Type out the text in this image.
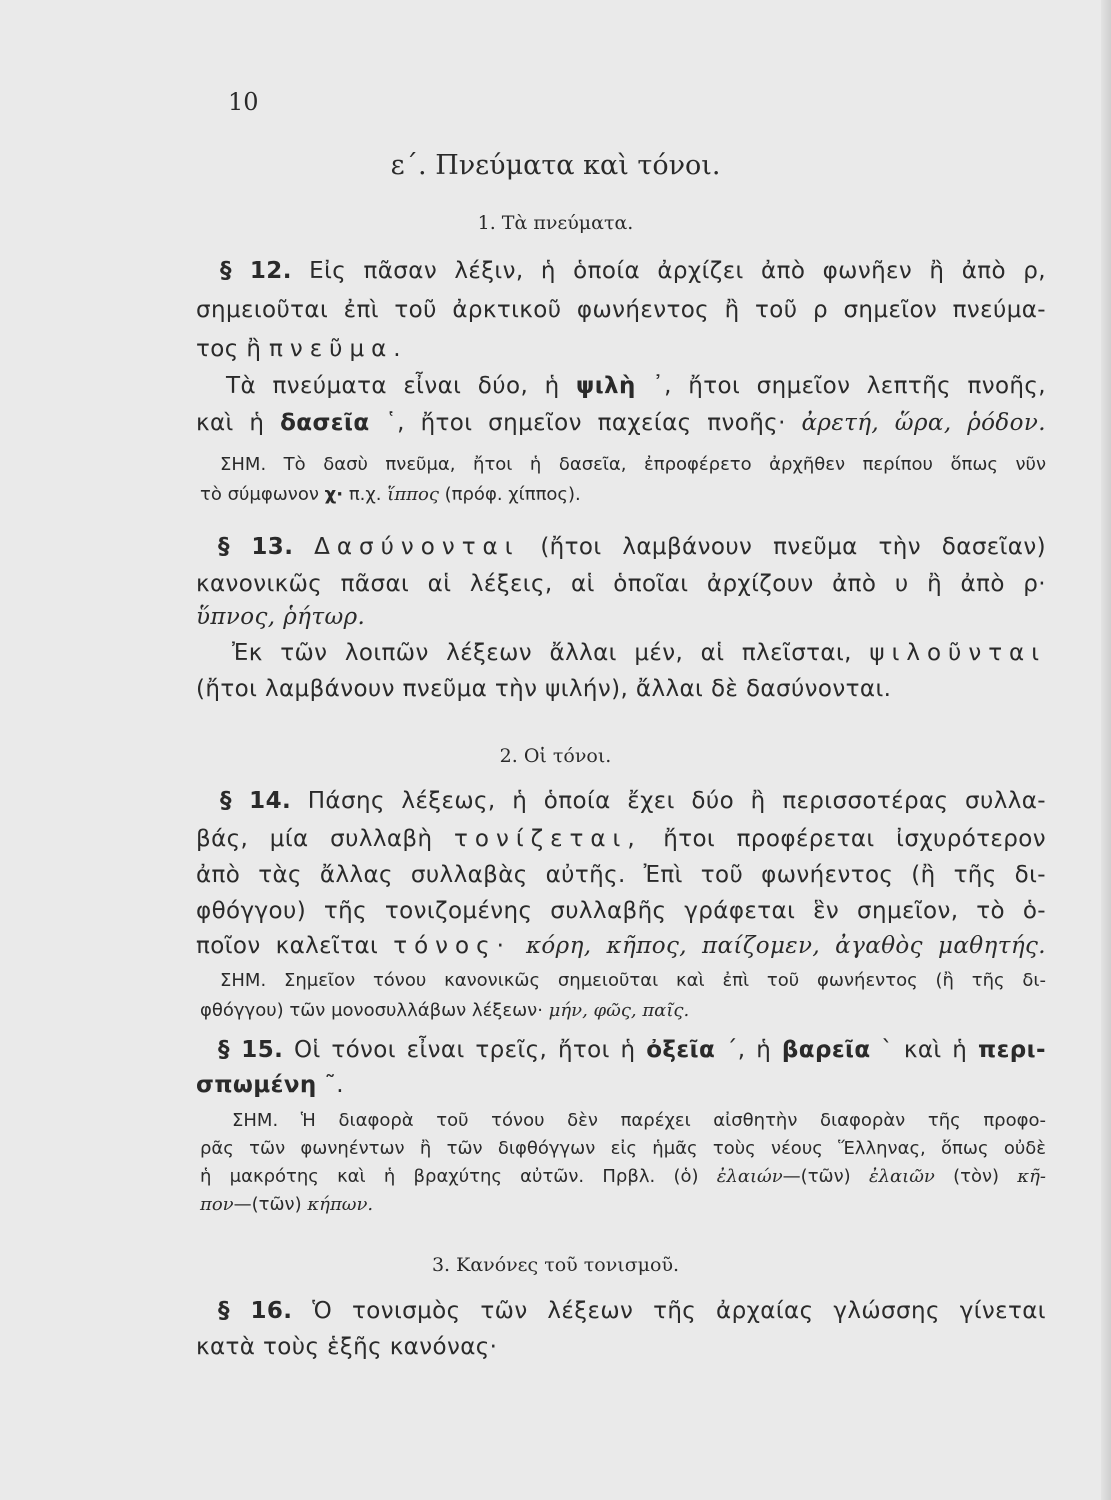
10
ε΄. Πνεύματα καὶ τόνοι.
1. Τὰ πνεύματα.
§ 12. Εἰς πᾶσαν λέξιν, ἡ ὁποία ἀρχίζει ἀπὸ φωνῆεν ἢ ἀπὸ ρ,
σημειοῦται ἐπὶ τοῦ ἀρκτικοῦ φωνήεντος ἢ τοῦ ρ σημεῖον πνεύμα-
τος ἢ πνεῦμα.
Τὰ πνεύματα εἶναι δύο, ἡ ψιλὴ ᾿, ἤτοι σημεῖον λεπτῆς πνοῆς,
καὶ ἡ δασεῖα ῾, ἤτοι σημεῖον παχείας πνοῆς· ἀρετή, ὥρα, ῥόδον.
ΣΗΜ. Τὸ δασὺ πνεῦμα, ἤτοι ἡ δασεῖα, ἐπροφέρετο ἀρχῆθεν περίπου ὅπως νῦν
τὸ σύμφωνον χ· π.χ. ἵππος (πρόφ. χίππος).
§ 13. Δασύνονται (ἤτοι λαμβάνουν πνεῦμα τὴν δασεῖαν)
κανονικῶς πᾶσαι αἱ λέξεις, αἱ ὁποῖαι ἀρχίζουν ἀπὸ υ ἢ ἀπὸ ρ·
ὕπνος, ῥήτωρ.
Ἐκ τῶν λοιπῶν λέξεων ἄλλαι μέν, αἱ πλεῖσται, ψιλοῦνται
(ἤτοι λαμβάνουν πνεῦμα τὴν ψιλήν), ἄλλαι δὲ δασύνονται.
2. Οἱ τόνοι.
§ 14. Πάσης λέξεως, ἡ ὁποία ἔχει δύο ἢ περισσοτέρας συλλα-
βάς, μία συλλαβὴ τονίζεται, ἤτοι προφέρεται ἰσχυρότερον
ἀπὸ τὰς ἄλλας συλλαβὰς αὐτῆς. Ἐπὶ τοῦ φωνήεντος (ἢ τῆς δι-
φθόγγου) τῆς τονιζομένης συλλαβῆς γράφεται ἓν σημεῖον, τὸ ὁ-
ποῖον καλεῖται τόνος· κόρη, κῆπος, παίζομεν, ἀγαθὸς μαθητής.
ΣΗΜ. Σημεῖον τόνου κανονικῶς σημειοῦται καὶ ἐπὶ τοῦ φωνήεντος (ἢ τῆς δι-
φθόγγου) τῶν μονοσυλλάβων λέξεων· μήν, φῶς, παῖς.
§ 15. Οἱ τόνοι εἶναι τρεῖς, ἤτοι ἡ ὀξεῖα ΄, ἡ βαρεῖα ` καὶ ἡ περι-
σπωμένη ῀.
ΣΗΜ. Ἡ διαφορὰ τοῦ τόνου δὲν παρέχει αἰσθητὴν διαφορὰν τῆς προφο-
ρᾶς τῶν φωνηέντων ἢ τῶν διφθόγγων εἰς ἡμᾶς τοὺς νέους Ἕλληνας, ὅπως οὐδὲ
ἡ μακρότης καὶ ἡ βραχύτης αὐτῶν. Πρβλ. (ὁ) ἐλαιών—(τῶν) ἐλαιῶν (τὸν) κῆ-
πον—(τῶν) κήπων.
3. Κανόνες τοῦ τονισμοῦ.
§ 16. Ὁ τονισμὸς τῶν λέξεων τῆς ἀρχαίας γλώσσης γίνεται
κατὰ τοὺς ἑξῆς κανόνας·
